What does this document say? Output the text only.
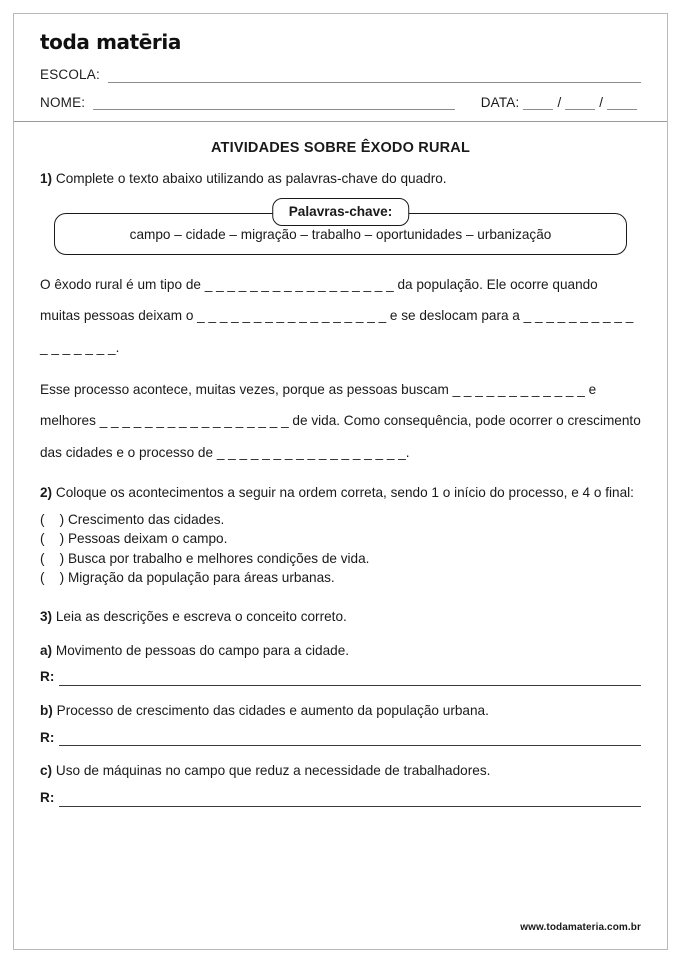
toda matēria
ESCOLA:
NOME:	DATA:	/	/
ATIVIDADES SOBRE ÊXODO RURAL

1) Complete o texto abaixo utilizando as palavras-chave do quadro.

Palavras-chave:
campo – cidade – migração – trabalho – oportunidades – urbanização

O êxodo rural é um tipo de _ _ _ _ _ _ _ _ _ _ _ _ _ _ _ _ _ da população. Ele ocorre quando muitas pessoas deixam o _ _ _ _ _ _ _ _ _ _ _ _ _ _ _ _ _ e se deslocam para a _ _ _ _ _ _ _ _ _ _ _ _ _ _ _ _ _.

Esse processo acontece, muitas vezes, porque as pessoas buscam _ _ _ _ _ _ _ _ _ _ _ _ e melhores _ _ _ _ _ _ _ _ _ _ _ _ _ _ _ _ _ de vida. Como consequência, pode ocorrer o crescimento das cidades e o processo de _ _ _ _ _ _ _ _ _ _ _ _ _ _ _ _ _.

2) Coloque os acontecimentos a seguir na ordem correta, sendo 1 o início do processo, e 4 o final:

(    ) Crescimento das cidades.
(    ) Pessoas deixam o campo.
(    ) Busca por trabalho e melhores condições de vida.
(    ) Migração da população para áreas urbanas.

3) Leia as descrições e escreva o conceito correto.

a) Movimento de pessoas do campo para a cidade.

R:

b) Processo de crescimento das cidades e aumento da população urbana.

R:

c) Uso de máquinas no campo que reduz a necessidade de trabalhadores.

R:
www.todamateria.com.br
